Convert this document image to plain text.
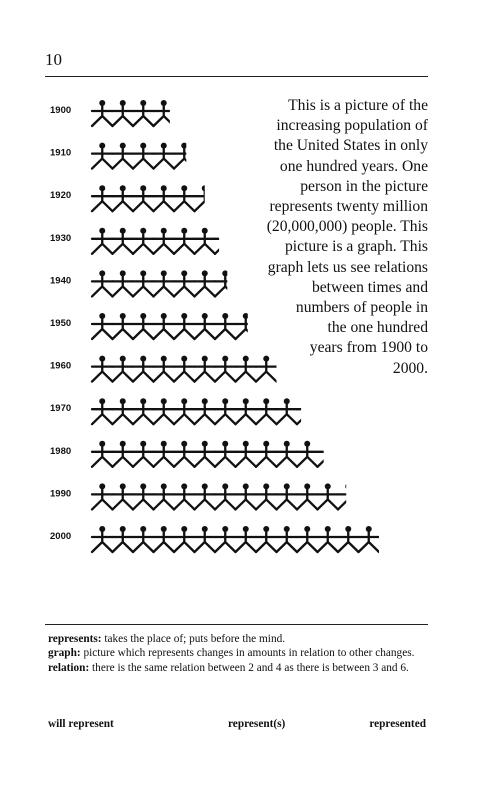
10
1900
1910
1920
1930
1940
1950
1960
1970
1980
1990
2000
This is a picture of the
increasing population of
the United States in only
one hundred years. One
person in the picture
represents twenty million
(20,000,000) people. This
picture is a graph. This
graph lets us see relations
between times and
numbers of people in
the one hundred
years from 1900 to
2000.

represents: takes the place of; puts before the mind.

graph: picture which represents changes in amounts in relation to other changes.

relation: there is the same relation between 2 and 4 as there is between 3 and 6.

will represent	represent(s)	represented
